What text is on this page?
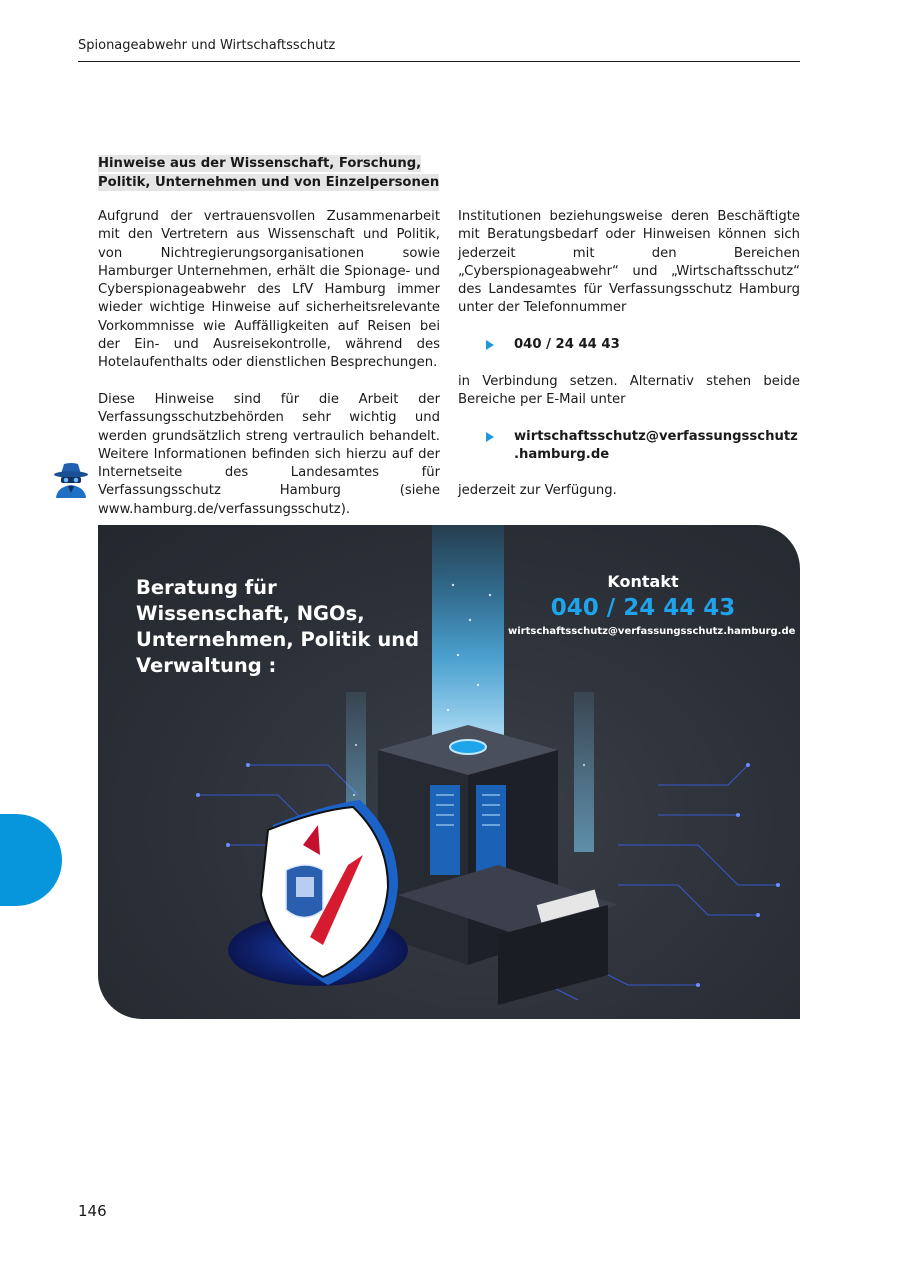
Spionageabwehr und Wirtschaftsschutz
Hinweise aus der Wissenschaft, Forschung, Politik, Unternehmen und von Einzelpersonen

Aufgrund der vertrauensvollen Zusammenarbeit mit den Vertretern aus Wissenschaft und Politik, von Nichtregierungsorganisationen sowie Hamburger Unternehmen, erhält die Spionage- und Cyberspionageabwehr des LfV Hamburg immer wieder wichtige Hinweise auf sicherheitsrelevante Vorkommnisse wie Auffälligkeiten auf Reisen bei der Ein- und Ausreisekontrolle, während des Hotelaufenthalts oder dienstlichen Besprechungen.

Diese Hinweise sind für die Arbeit der Verfassungsschutzbehörden sehr wichtig und werden grundsätzlich streng vertraulich behandelt. Weitere Informationen befinden sich hierzu auf der Internetseite des Landesamtes für Verfassungsschutz Hamburg (siehe www.hamburg.de/verfassungsschutz).

Institutionen beziehungsweise deren Beschäftigte mit Beratungsbedarf oder Hinweisen können sich jederzeit mit den Bereichen „Cyberspionageabwehr“ und „Wirtschaftsschutz“ des Landesamtes für Verfassungsschutz Hamburg unter der Telefonnummer

040 / 24 44 43

in Verbindung setzen. Alternativ stehen beide Bereiche per E-Mail unter

wirtschaftsschutz@verfassungsschutz.hamburg.de

jederzeit zur Verfügung.

Beratung für Wissenschaft, NGOs, Unternehmen, Politik und Verwaltung :
Kontakt
040 / 24 44 43
wirtschaftsschutz@verfassungsschutz.hamburg.de
146
